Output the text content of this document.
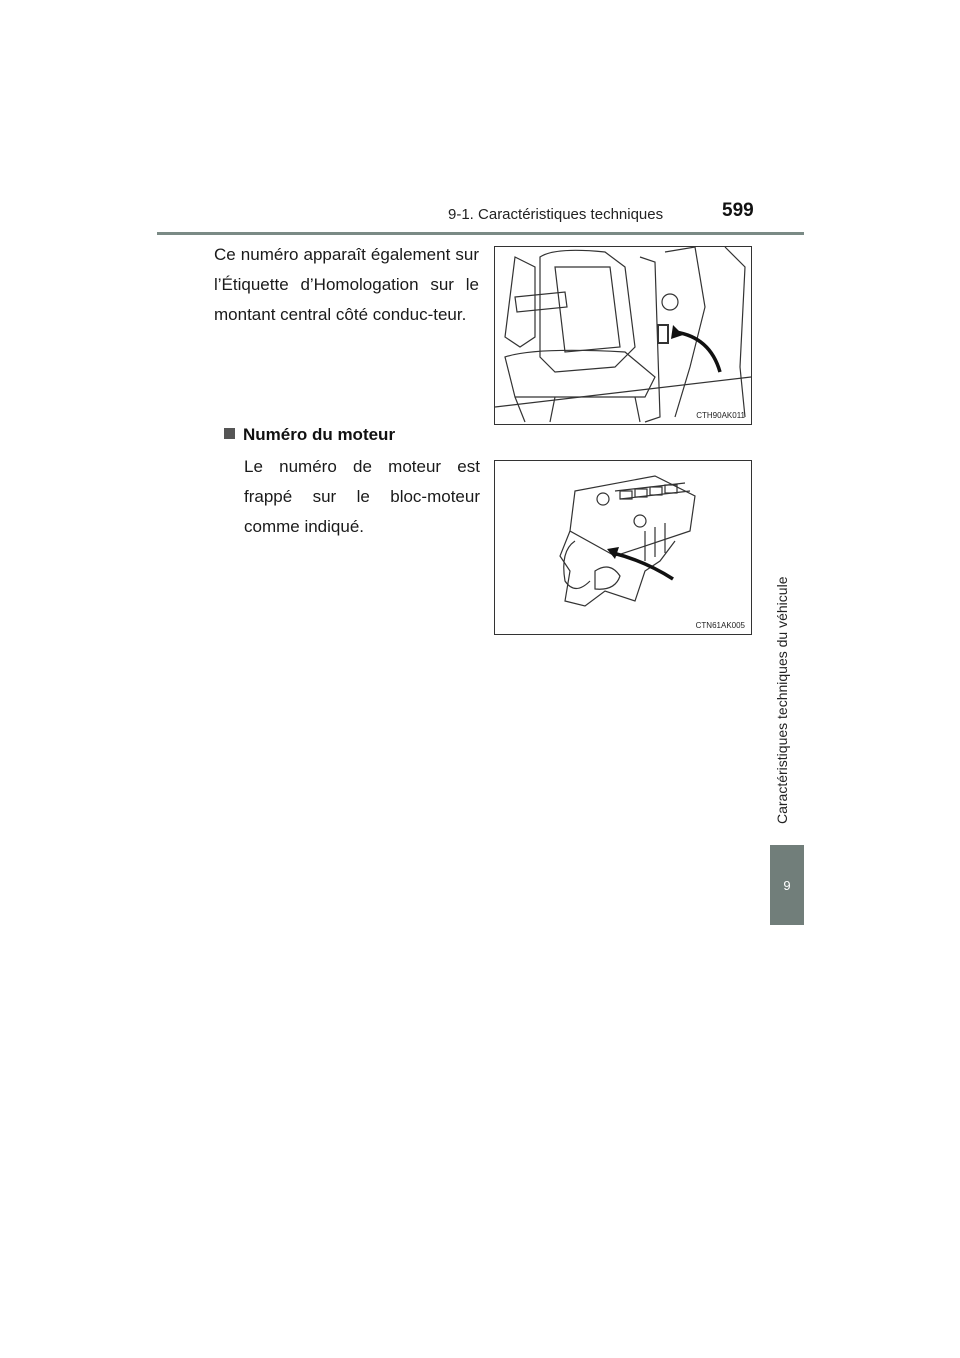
9-1. Caractéristiques techniques	599
Caractéristiques techniques du véhicule
9
Ce numéro apparaît également sur l’Étiquette d’Homologation sur le montant central côté conduc-teur.
CTH90AK011
Numéro du moteur
Le numéro de moteur est frappé sur le bloc-moteur comme indiqué.
CTN61AK005
